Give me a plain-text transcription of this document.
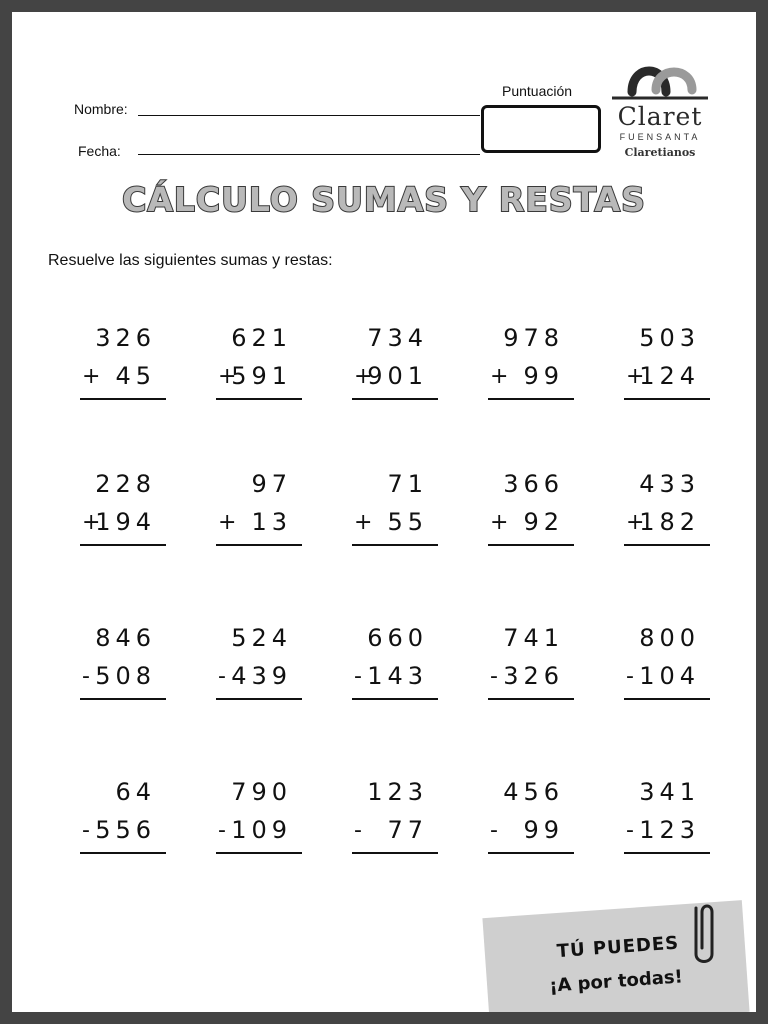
Nombre:
Fecha:
Puntuación
Claret
FUENSANTA
Claretianos
CÁLCULO SUMAS Y RESTAS
Resuelve las siguientes sumas y restas:
326
+ 45
621
+
591
734
+
901
978
+ 99
503
+
124
228
+
194
97
+ 13
71
+ 55
366
+ 92
433
+
182
846
- 508
524
- 439
660
- 143
741
- 326
800
- 104
64
- 556
790
- 109
123
- 77
456
- 99
341
- 123
TÚ PUEDES
¡A por todas!
